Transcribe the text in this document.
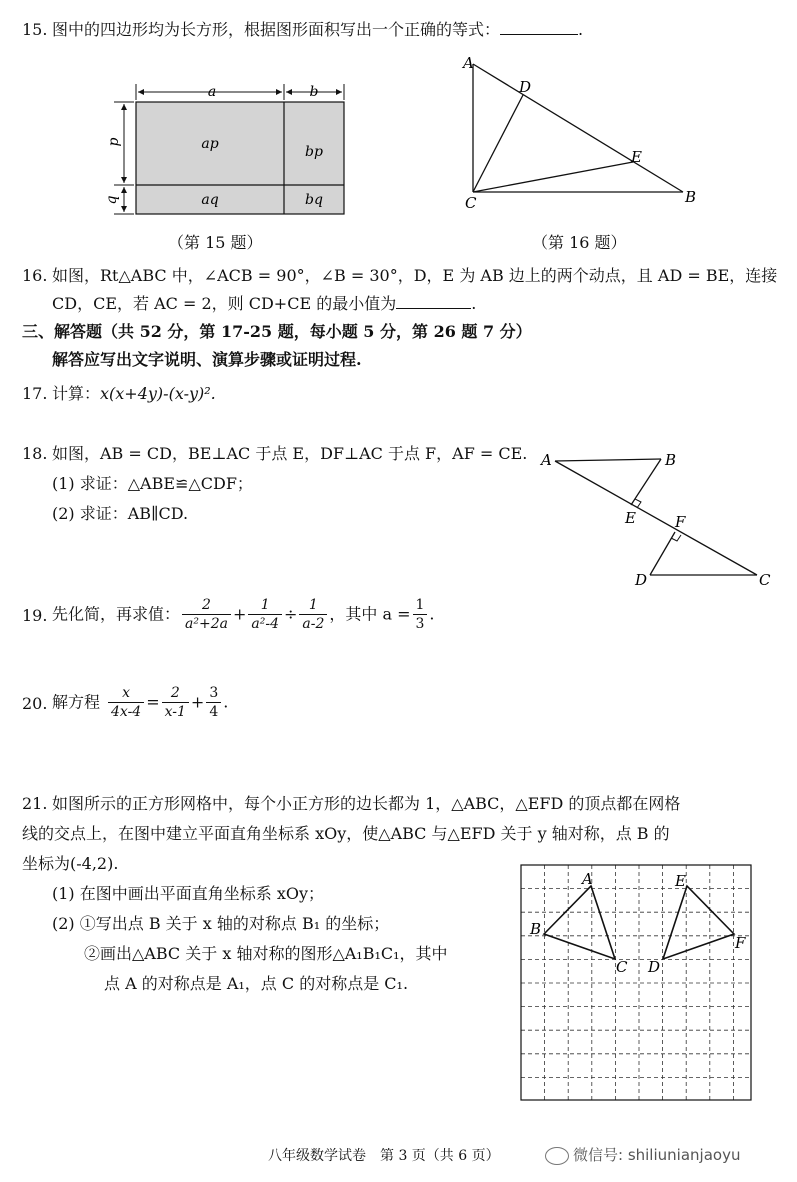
15. 图中的四边形均为长方形，根据图形面积写出一个正确的等式：	.
a	b
p
q
ap	bp
aq	bq
（第 15 题）
A
D
E
B
C
（第 16 题）
16. 如图，Rt△ABC 中，∠ACB = 90°，∠B = 30°，D，E 为 AB 边上的两个动点，且 AD = BE，连接
CD，CE，若 AC = 2，则 CD+CE 的最小值为	.
三、解答题（共 52 分，第 17-25 题，每小题 5 分，第 26 题 7 分）
解答应写出文字说明、演算步骤或证明过程.
17. 计算：x(x+4y)-(x-y)².
18. 如图，AB = CD，BE⊥AC 于点 E，DF⊥AC 于点 F，AF = CE.
(1) 求证：△ABE≌△CDF；
(2) 求证：AB∥CD.
A	B
E	F
D	C
19. 先化简，再求值： $\frac{2}{\text{a²+2a}} + \frac{1}{\text{a²-4}} \div \frac{1}{a-2}$ ，其中 $a = \frac{1}{3}$ .
20. 解方程 $\frac{x}{4x-4} = \frac{2}{x-1} + \frac{3}{4}$ .
21. 如图所示的正方形网格中，每个小正方形的边长都为 1，△ABC，△EFD 的顶点都在网格
线的交点上，在图中建立平面直角坐标系 xOy，使△ABC 与△EFD 关于 y 轴对称，点 B 的
坐标为(-4,2).
(1) 在图中画出平面直角坐标系 xOy；
(2) ①写出点 B 关于 x 轴的对称点 B₁ 的坐标；
②画出△ABC 关于 x 轴对称的图形△A₁B₁C₁，其中
点 A 的对称点是 A₁，点 C 的对称点是 C₁.
A
B
C
E
F
D
八年级数学试卷　第 3 页（共 6 页）	微信号: shiliunianjaoyu
